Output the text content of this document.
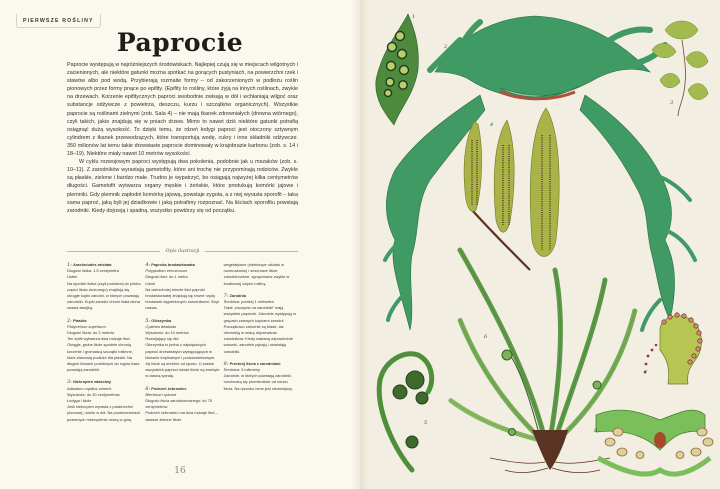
PIERWSZE ROŚLINY
Paprocie

Paprocie występują w najróżniejszych środowiskach. Najlepiej czują się w miejscach wilgotnych i zacienionych, ale niektóre gatunki można spotkać na gorących pustyniach, na powierzchni rzek i stawów albo pod wodą. Przybierają rozmaite formy – od zakorzenionych w podłożu roślin pionowych przez formy pnące po epifity. (Epifity to rośliny, które żyją na innych roślinach, zwykle na drzewach. Korzenie epifitycznych paproci swobodnie zwisają w dół i wchłaniają wilgoć oraz substancje odżywcze z powietrza, deszczu, kurzu i szczątków organicznych). Wszystkie paprocie są roślinami zielnymi (zob. Sala 4) – nie mają tkanek zdrewniałych (drewna wtórnego), czyli takich, jakie znajdują się w pniach drzew. Mimo to nawet dziś niektóre gatunki potrafią osiągnąć dużą wysokość. To dzięki temu, że rdzeń łodygi paproci jest otoczony sztywnym cylindrem z tkanek przewodzących, które transportują wodę, cukry i inne składniki odżywcze. 350 milionów lat temu takie drzewiaste paprocie dominowały w krajobrazie karbonu (zob. s. 14 i 18–19). Niektóre miały nawet 10 metrów wysokości.

W cyklu rozwojowym paproci występują dwa pokolenia, podobnie jak u mszaków (zob. s. 10–11). Z zarodników wyrastają gametofity, które ani trochę nie przypominają rodziców. Zwykle są płaskie, zielone i bardzo małe. Trudno je wypatrzyć, bo osiągają najwyżej kilka centymetrów długości. Gametofit wytwarza organy męskie i żeńskie, które produkują komórki jajowe i plemniki. Gdy plemnik zapłodni komórkę jajową, powstaje zygota, a z niej wyrasta sporofit – taka sama paproć, jaką byli jej dziadkowie i jaką potrafimy rozpoznać. Na liściach sporofitu powstają zarodniki. Kiedy dojrzeją i spadną, wszystko powtórzy się od początku.

Opis ilustracji
1: Arachniodes aristata
Długość listka: 1,5 centymetra
Listek
Na spodzie listka (czyli podobnej do piórka części liścia złożonego) znajdują się okrągłe kupki zarodni, w których powstają zarodniki. Kupki zarodni chroni biała błona zwana zawijką.
2: Płaskla
Platycerium superbum
Długość liścia: do 2 metrów
Ten epifit wytwarza dwa rodzaje liści. Okrągłe, grube liście spodnie chronią korzenie i gromadzą szczątki roślinne, które stanowią podłoże dla płaskli. Na długich liściach podobnych do rogów łosia powstają zarodniki.
3: Niekropień właściwy
Adiantum capillus-veneris
Wysokość: do 30 centymetrów
Łodyga i liście
Jeśli niekropień wyrasta z powierzchni pionowej, rośnie w dół. Na powierzchniach poziomych niekropienie rosną w górę.
4: Paproka brodawkowata
Polypodium verrucosum
Długość liści: do 1 metra
Liście
Na wierzchniej stronie liści paproki brodawkowatej znajdują się równe rzędy brodawek wypełnionych zarodnikami. Stąd nazwa.
5: Olbrzymka
Cyathea dealbata
Wysokość: do 10 metrów
Rozwijający się liść
Olbrzymka to jedna z największych paproci drzewiastych występujących w klimacie tropikalnym i podzwrotnikowym. Jej liście są srebrne od spodu. U prawie wszystkich paproci młode liście są zwinięte w ciasną spiralę.
6: Podrzeń żebrowiec
Blechnum spicant
Długość liścia zarodnionośnego: do 75 centymetrów
Podrzeń żebrowiec ma dwa rodzaje liści – zawsze zielone liście
wegetatywne (niebiorące udziału w rozmnażaniu) i sezonowe liście zarodnionośne, zgrupowane zwykle w środkowej części rośliny.
7: Zarodnia
Średnica: poniżej 1 milimetra
Takie „naczynia na zarodniki” mają wszystkie paprocie. Zarodnie występują w grupach zwanych kupkami zarodni. Początkowo zarodnie są blade, ale ciemnieją w miarę dojrzewania zarodników. Kiedy nastaną odpowiednie warunki, zarodnie pękają i uwalniają zarodniki.
8: Przekrój liścia z zarodniami
Średnica: 3 milimetry
Zarodnie, w których powstają zarodniki, rozchodzą się promieniście od nerwu liścia. Na rysunku nerw jest ciemniejszy.
16
1
2
3
4
5
6
7
8
